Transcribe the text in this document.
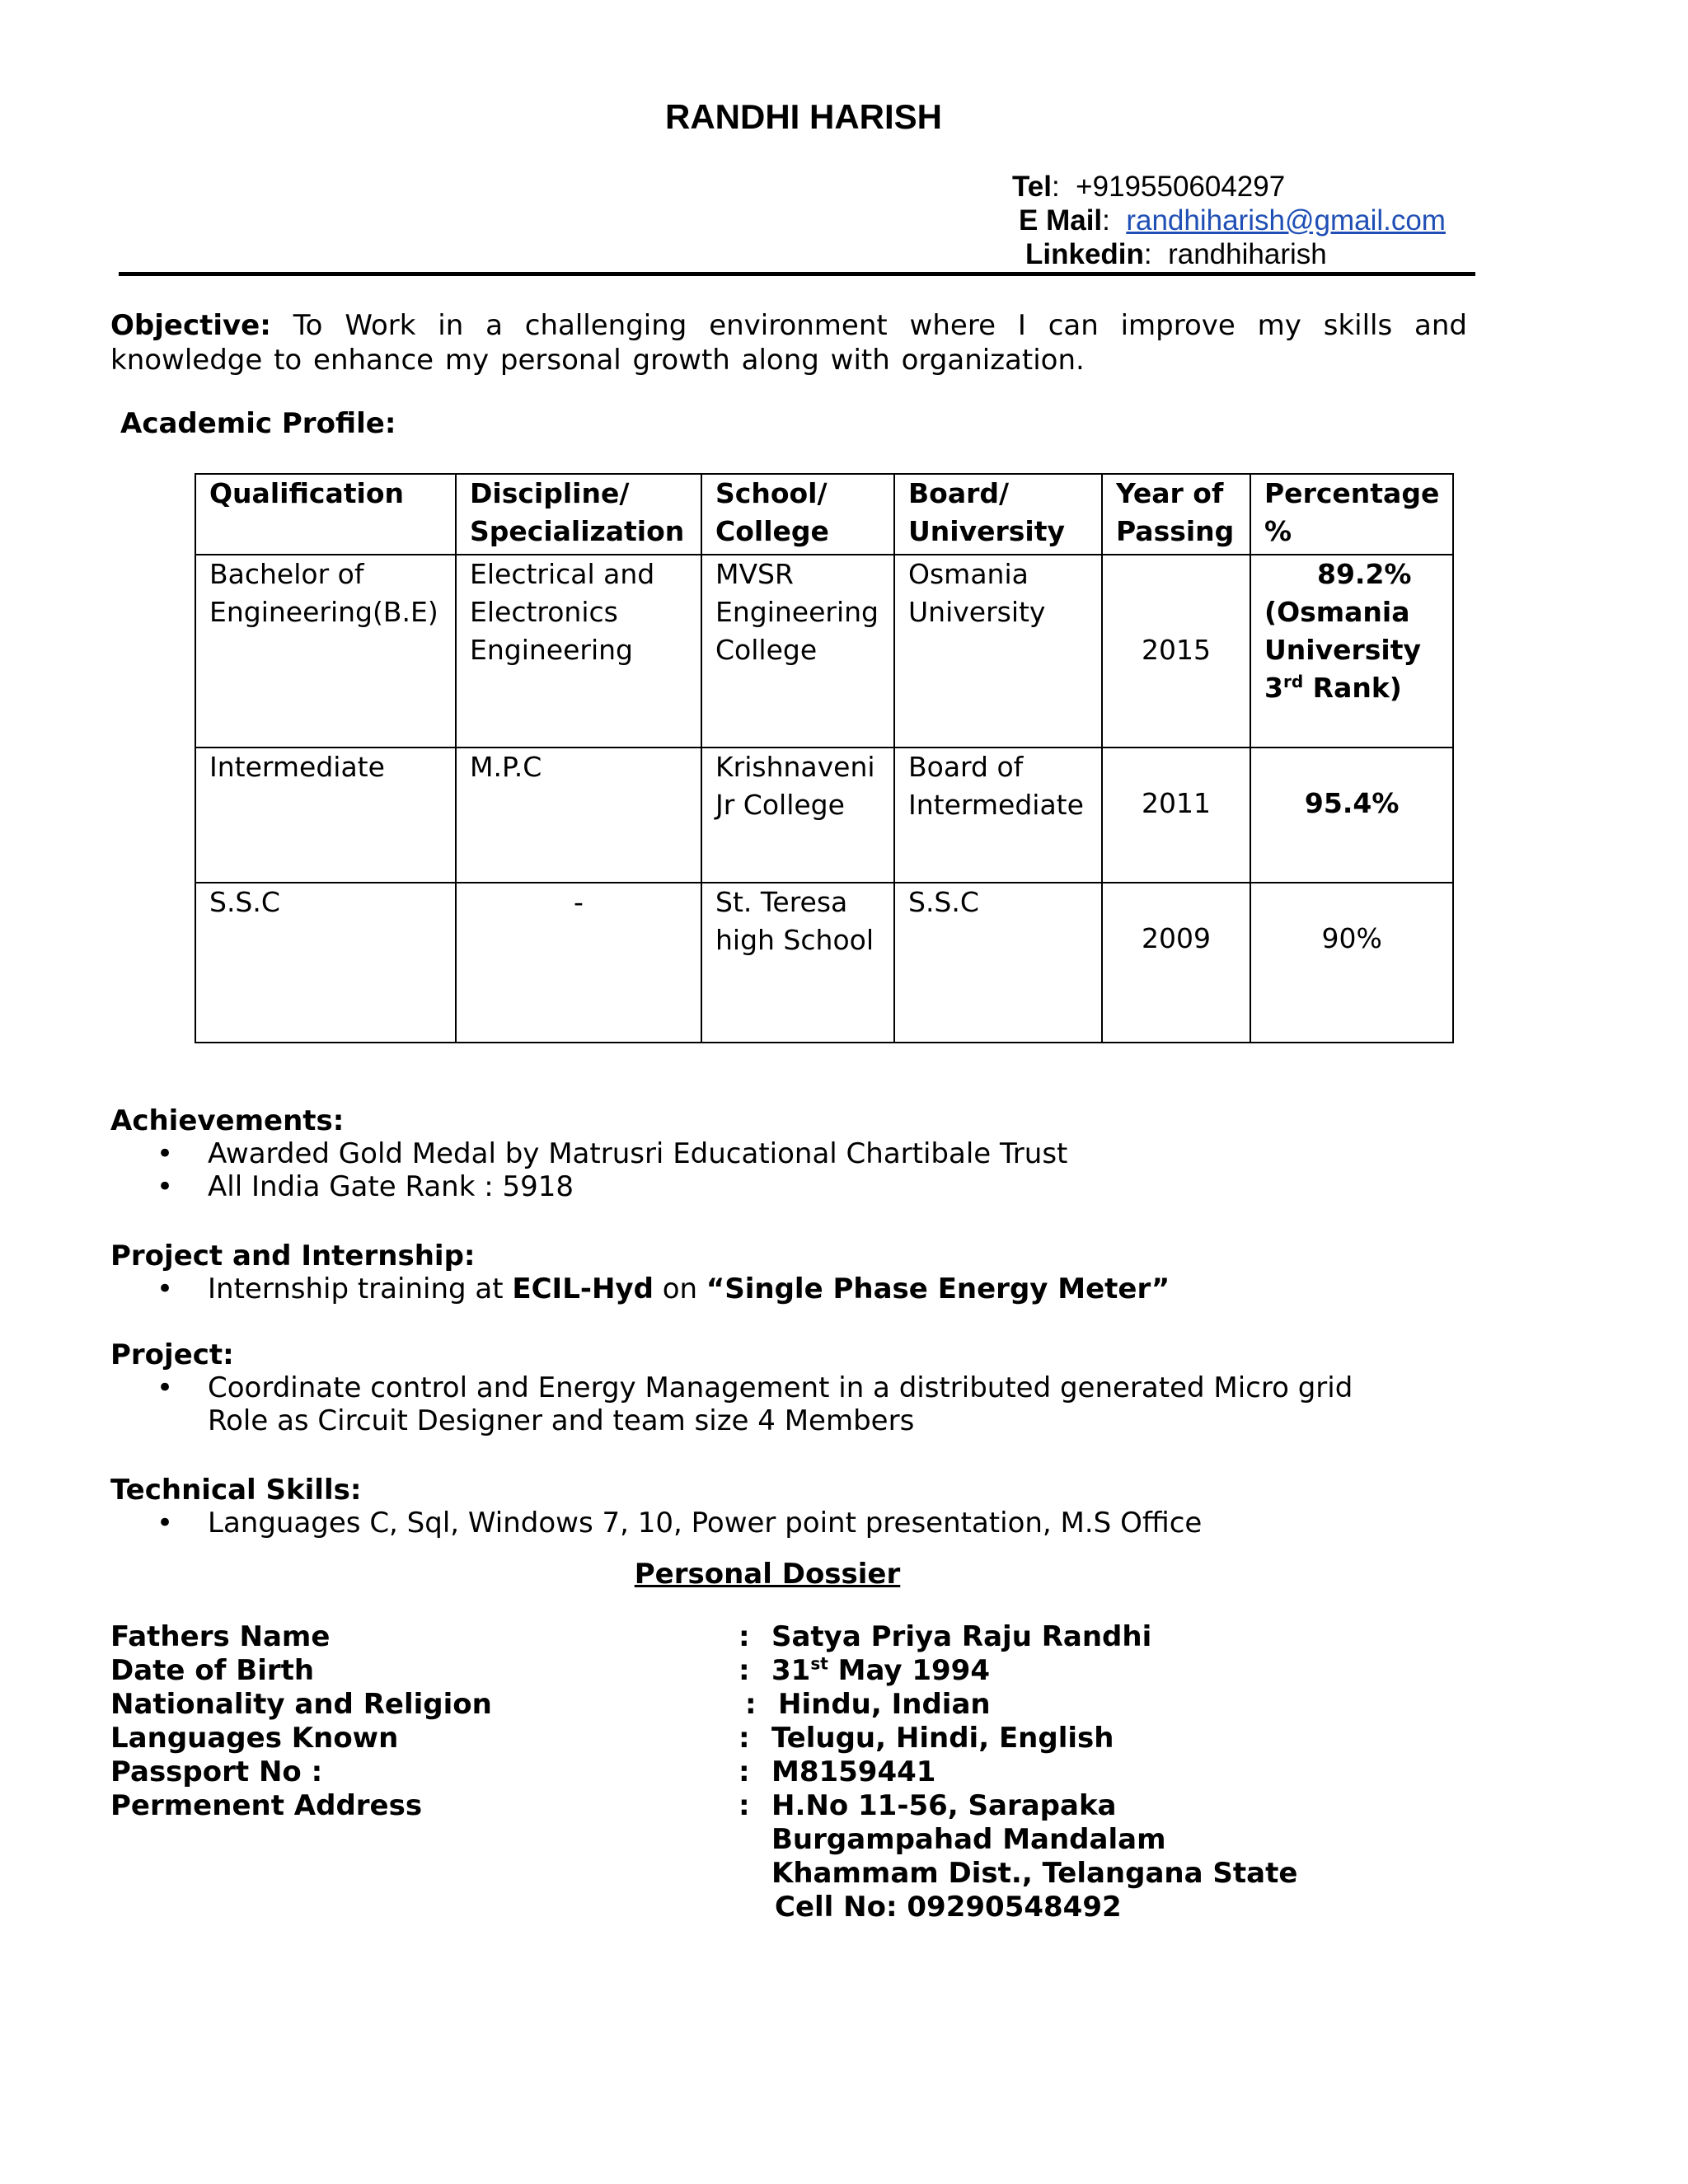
RANDHI HARISH
Tel:  +919550604297
E Mail:  randhiharish@gmail.com
Linkedin:  randhiharish
Objective: To Work in a challenging environment where I can improve my skills and knowledge to enhance my personal growth along with organization.
Academic Profile:
Qualification	Discipline/ Specialization	School/ College	Board/ University	Year of Passing	Percentage %
Bachelor of Engineering(B.E)	Electrical and Electronics Engineering	MVSR Engineering College	Osmania University	2015	89.2%
(Osmania University
3rd Rank)

Intermediate	M.P.C	Krishnaveni Jr College	Board of Intermediate	2011	95.4%
S.S.C	-	St. Teresa high School	S.S.C	2009	90%
Achievements:
• Awarded Gold Medal by Matrusri Educational Chartibale Trust
• All India Gate Rank : 5918
Project and Internship:
• Internship training at ECIL-Hyd on “Single Phase Energy Meter”
Project:
• Coordinate control and Energy Management in a distributed generated Micro grid
Role as Circuit Designer and team size 4 Members
Technical Skills:
• Languages C, Sql, Windows 7, 10, Power point presentation, M.S Office
Personal Dossier
Fathers Name	: Satya Priya Raju Randhi
Date of Birth	: 31st May 1994
Nationality and Religion	: Hindu, Indian
Languages Known	: Telugu, Hindi, English
Passport No :	: M8159441
Permenent Address	: H.No 11-56, Sarapaka
Burgampahad Mandalam
Khammam Dist., Telangana State
Cell No: 09290548492
